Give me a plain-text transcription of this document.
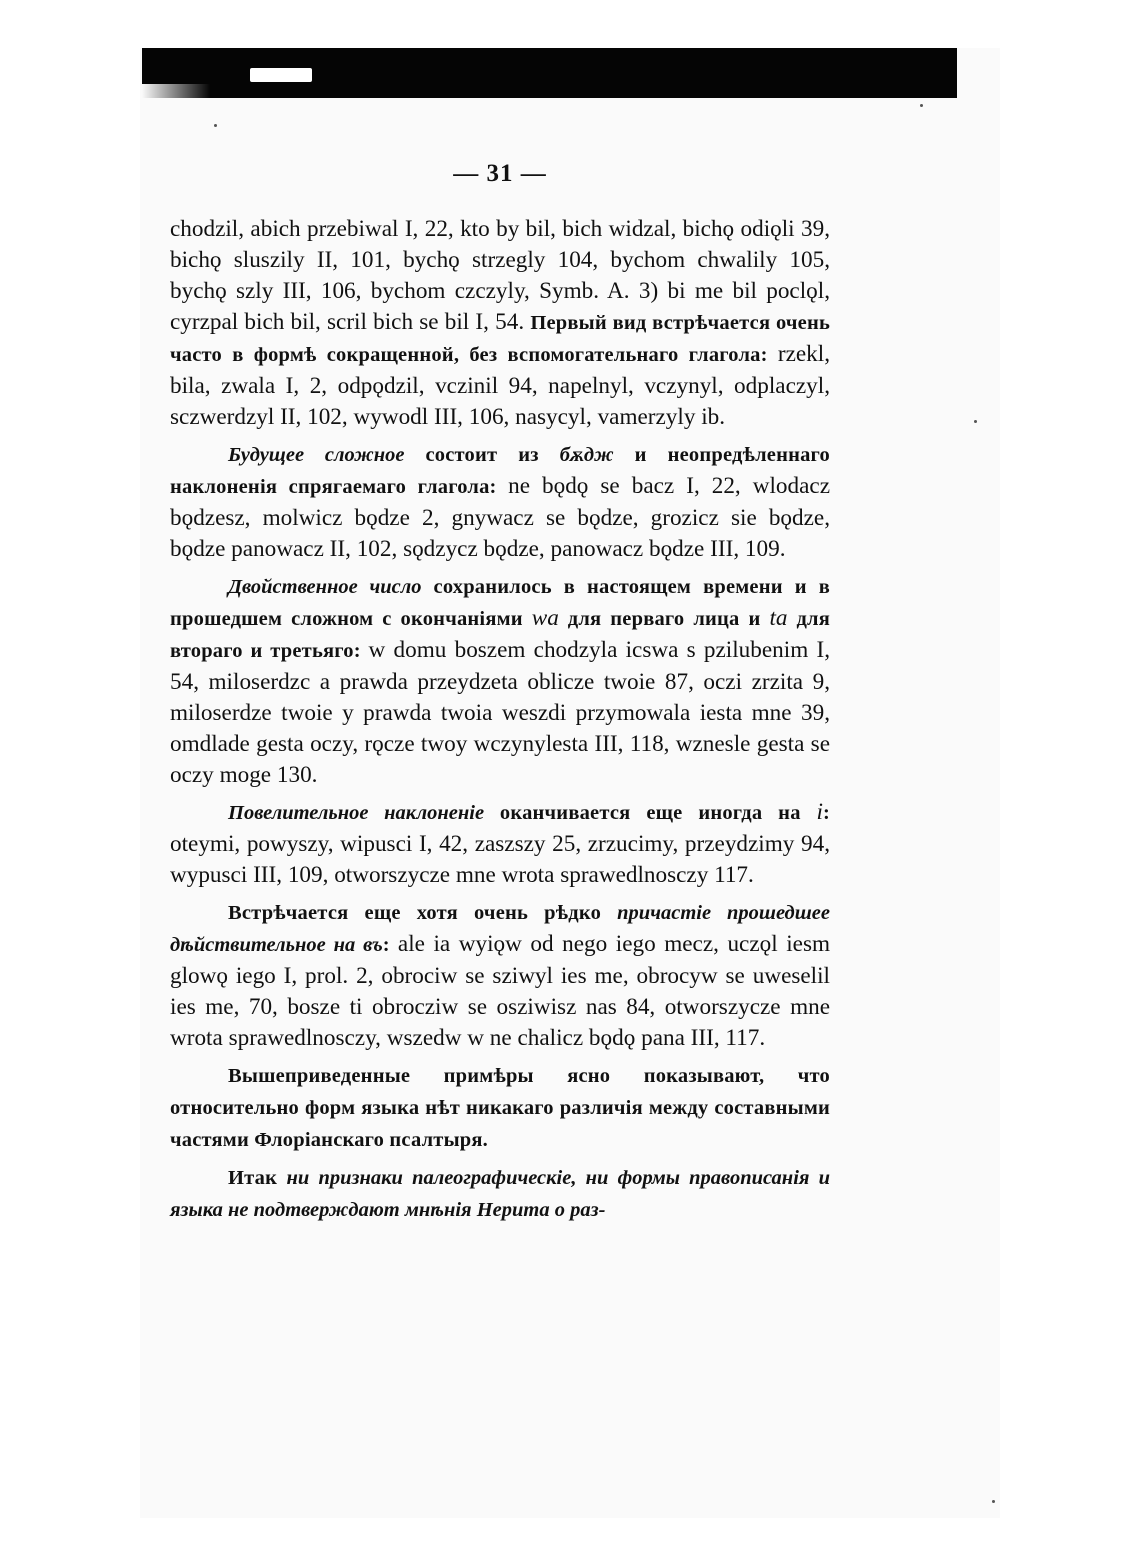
— 31 —

chodzil, abich przebiwal I, 22, kto by bil, bich widzal, bichǫ odiǫli 39, bichǫ sluszily II, 101, bychǫ strzegly 104, bychom chwalily 105, bychǫ szly III, 106, bychom czczyly, Symb. A. 3) bi me bil poclǫl, cyrzpal bich bil, scril bich se bil I, 54. Первый вид встрѣчается очень часто в формѣ сокращенной, без вспомогательнаго глагола: rzekl, bila, zwala I, 2, odpǫdzil, vczinil 94, napelnyl, vczynyl, odplaczyl, sczwerdzyl II, 102, wywodl III, 106, nasycyl, vamerzyly ib.

Будущее сложное состоит из бѫдж и неопредѣленнаго наклоненія спрягаемаго глагола: ne bǫdǫ se bacz I, 22, wlodacz bǫdzesz, molwicz bǫdze 2, gnywacz se bǫdze, grozicz sie bǫdze, bǫdze panowacz II, 102, sǫdzycz bǫdze, panowacz bǫdze III, 109.

Двойственное число сохранилось в настоящем времени и в прошедшем сложном с окончаніями wa для перваго лица и ta для втораго и третьяго: w domu boszem chodzyla icswa s pzilubenim I, 54, miloserdzc a prawda przeydzeta oblicze twoie 87, oczi zrzita 9, miloserdze twoie y prawda twoia weszdi przymowala iesta mne 39, omdlade gesta oczy, rǫcze twoy wczynylesta III, 118, wznesle gesta se oczy moge 130.

Повелительное наклоненіе оканчивается еще иногда на i: oteymi, powyszy, wipusci I, 42, zaszszy 25, zrzucimy, przeydzimy 94, wypusci III, 109, otworszycze mne wrota sprawedlnosczy 117.

Встрѣчается еще хотя очень рѣдко причастіе прошедшее дѣйствительное на въ: ale ia wyiǫw od nego iego mecz, uczǫl iesm glowǫ iego I, prol. 2, obrociw se sziwyl ies me, obrocyw se uweselil ies me, 70, bosze ti obrocziw se osziwisz nas 84, otworszycze mne wrota sprawedlnosczy, wszedw w ne chalicz bǫdǫ pana III, 117.

Вышеприведенные примѣры ясно показывают, что относительно форм языка нѣт никакаго различія между составными частями Флоріанскаго псалтыря.

Итак ни признаки палеографическіе, ни формы правописанія и языка не подтверждают мнѣнія Нерита о раз-
